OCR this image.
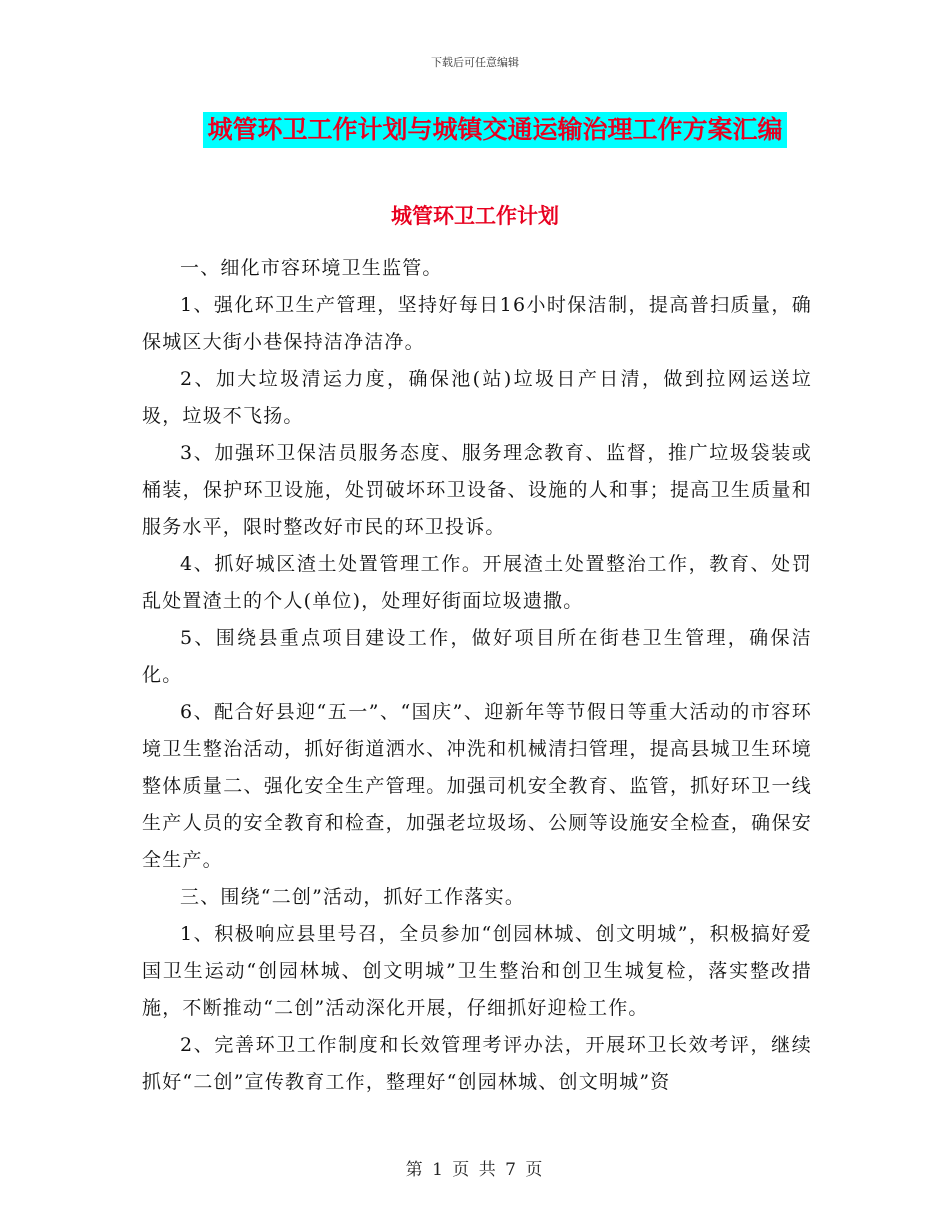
下载后可任意编辑
城管环卫工作计划与城镇交通运输治理工作方案汇编
城管环卫工作计划

一、细化市容环境卫生监管。

1、强化环卫生产管理，坚持好每日16小时保洁制，提高普扫质量，确保城区大街小巷保持洁净洁净。

2、加大垃圾清运力度，确保池(站)垃圾日产日清，做到拉网运送垃圾，垃圾不飞扬。

3、加强环卫保洁员服务态度、服务理念教育、监督，推广垃圾袋装或桶装，保护环卫设施，处罚破坏环卫设备、设施的人和事；提高卫生质量和服务水平，限时整改好市民的环卫投诉。

4、抓好城区渣土处置管理工作。开展渣土处置整治工作，教育、处罚乱处置渣土的个人(单位)，处理好街面垃圾遗撒。

5、围绕县重点项目建设工作，做好项目所在街巷卫生管理，确保洁化。

6、配合好县迎“五一”、“国庆”、迎新年等节假日等重大活动的市容环境卫生整治活动，抓好街道洒水、冲洗和机械清扫管理，提高县城卫生环境整体质量二、强化安全生产管理。加强司机安全教育、监管，抓好环卫一线生产人员的安全教育和检查，加强老垃圾场、公厕等设施安全检查，确保安全生产。

三、围绕“二创”活动，抓好工作落实。

1、积极响应县里号召，全员参加“创园林城、创文明城”，积极搞好爱国卫生运动“创园林城、创文明城”卫生整治和创卫生城复检，落实整改措施，不断推动“二创”活动深化开展，仔细抓好迎检工作。

2、完善环卫工作制度和长效管理考评办法，开展环卫长效考评，继续抓好“二创”宣传教育工作，整理好“创园林城、创文明城”资

第 1 页 共 7 页
